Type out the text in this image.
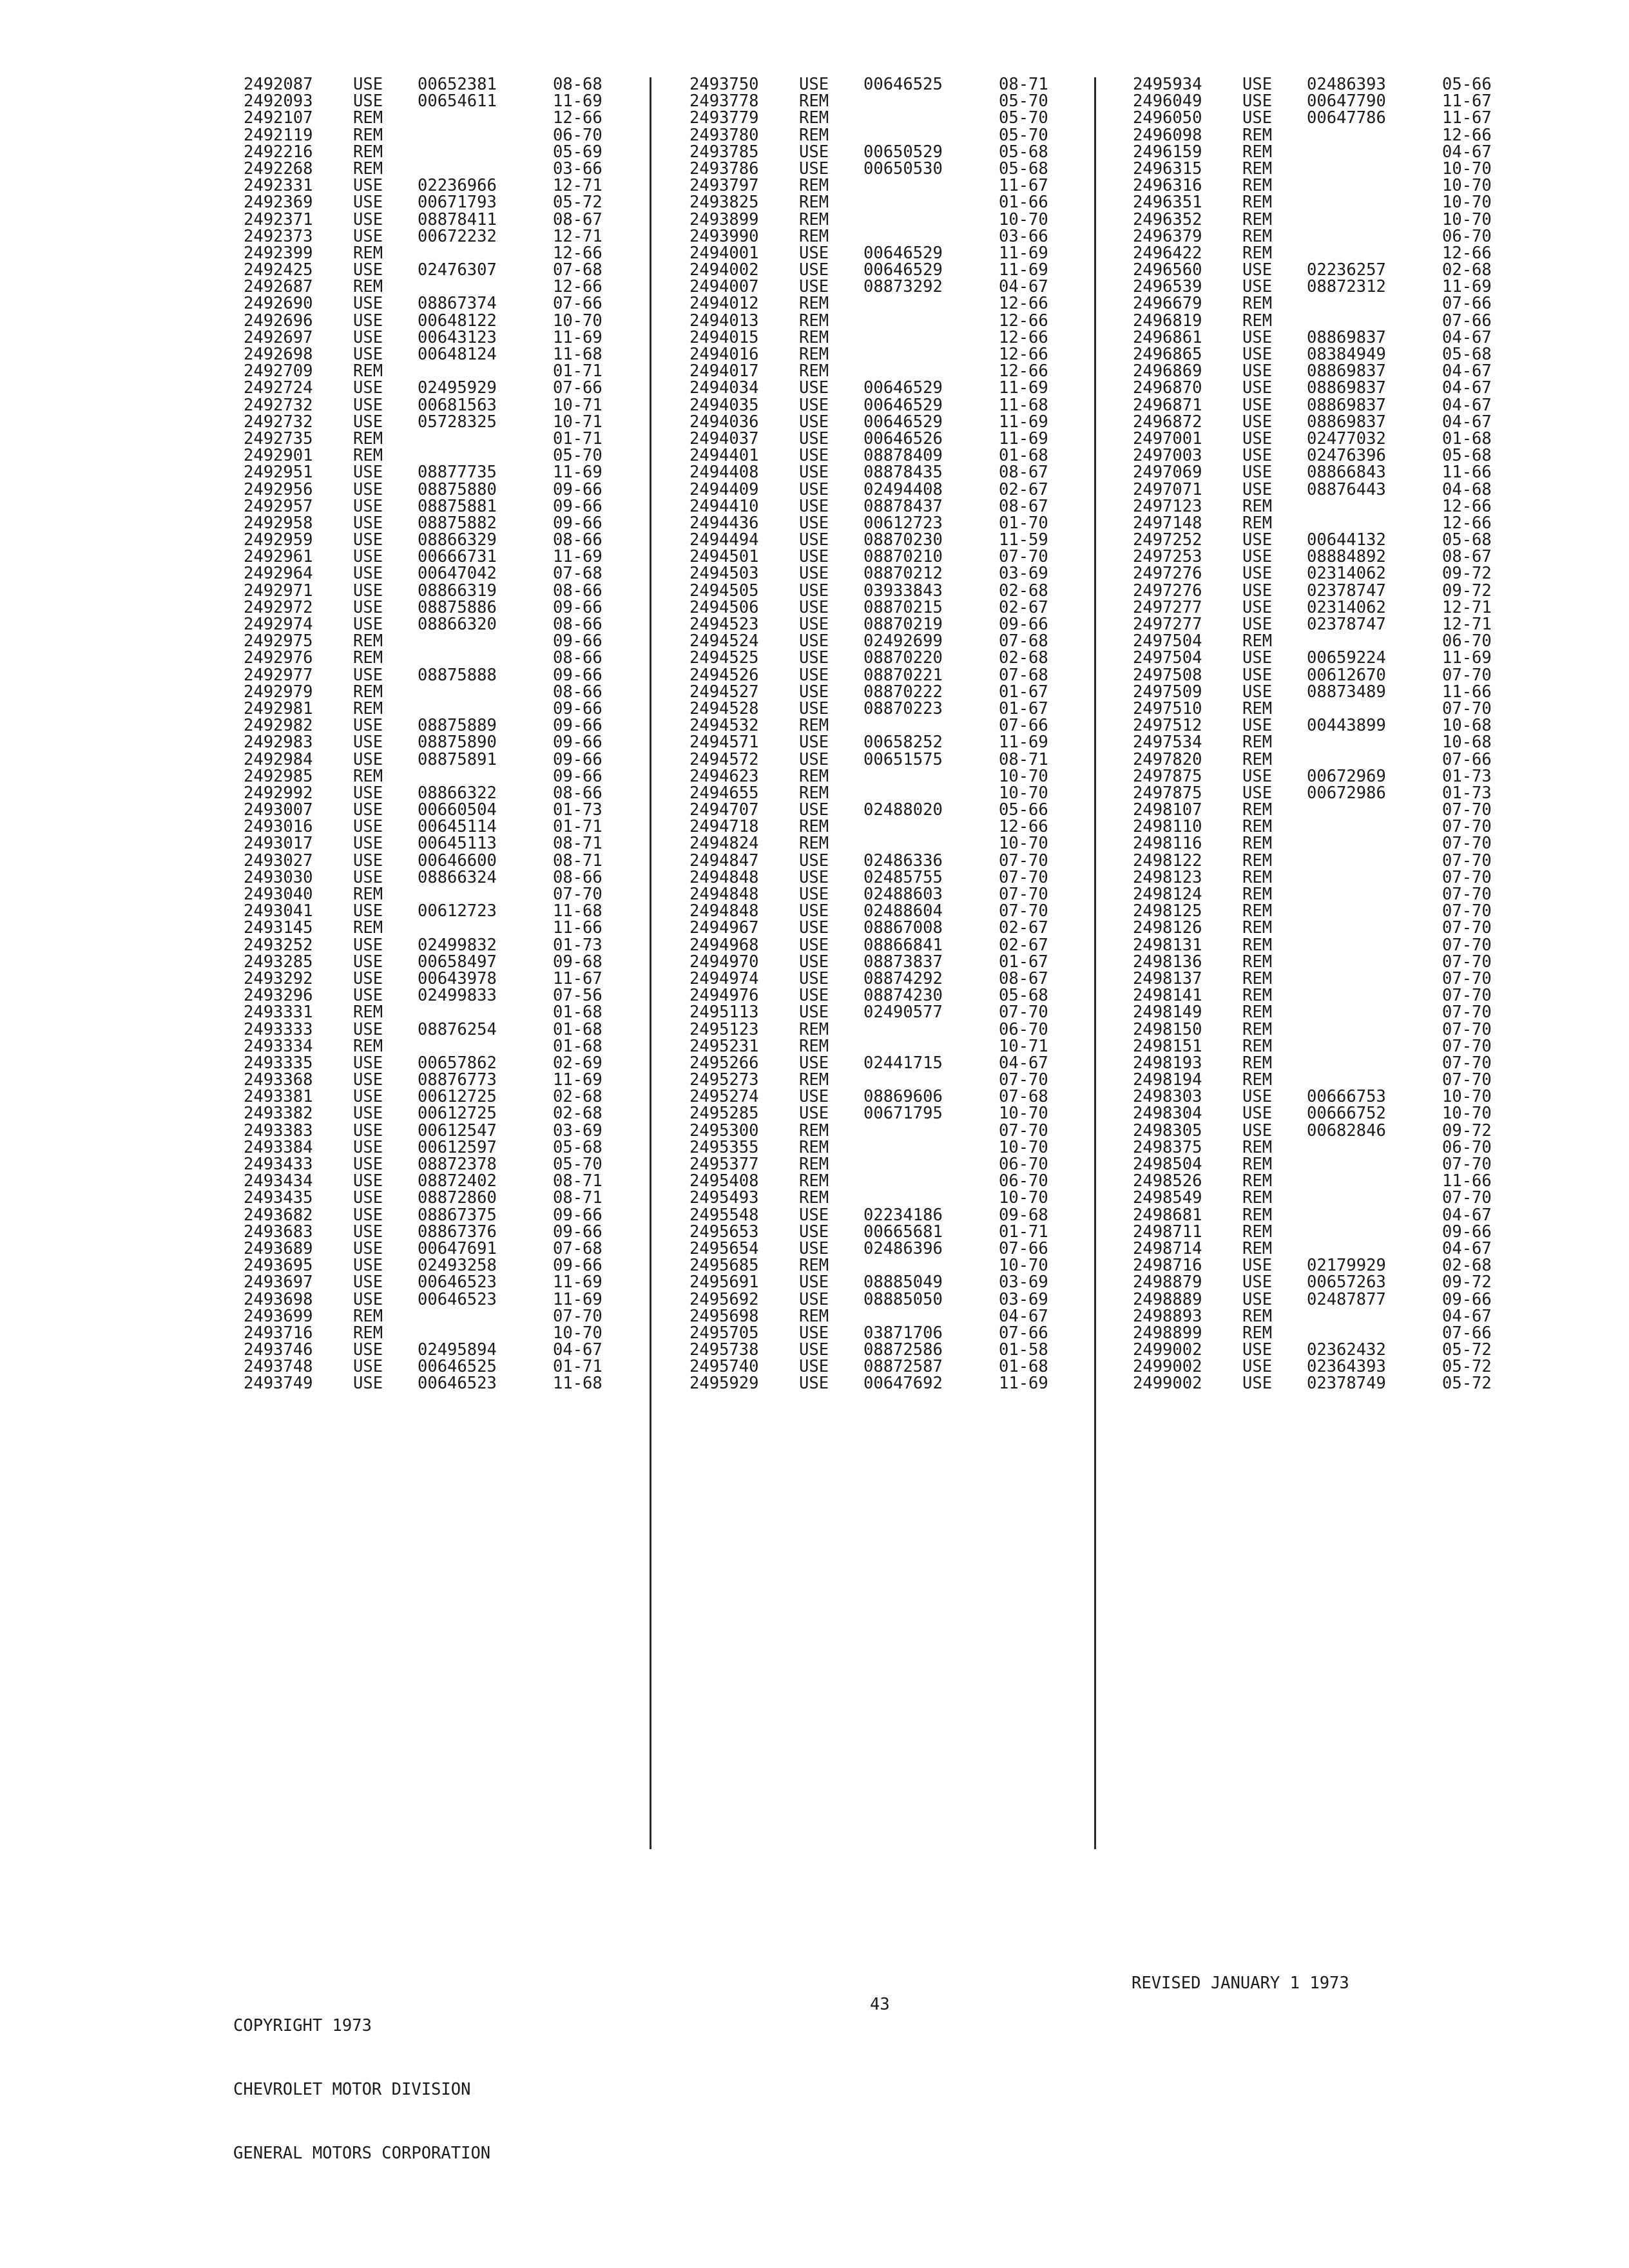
2492087 USE 00652381	08-68
2492093 USE 00654611	11-69
2492107 REM	12-66
2492119 REM	06-70
2492216 REM	05-69
2492268 REM	03-66
2492331 USE 02236966	12-71
2492369 USE 00671793	05-72
2492371 USE 08878411	08-67
2492373 USE 00672232	12-71
2492399 REM	12-66
2492425 USE 02476307	07-68
2492687 REM	12-66
2492690 USE 08867374	07-66
2492696 USE 00648122	10-70
2492697 USE 00643123	11-69
2492698 USE 00648124	11-68
2492709 REM	01-71
2492724 USE 02495929	07-66
2492732 USE 00681563	10-71
2492732 USE 05728325	10-71
2492735 REM	01-71
2492901 REM	05-70
2492951 USE 08877735	11-69
2492956 USE 08875880	09-66
2492957 USE 08875881	09-66
2492958 USE 08875882	09-66
2492959 USE 08866329	08-66
2492961 USE 00666731	11-69
2492964 USE 00647042	07-68
2492971 USE 08866319	08-66
2492972 USE 08875886	09-66
2492974 USE 08866320	08-66
2492975 REM	09-66
2492976 REM	08-66
2492977 USE 08875888	09-66
2492979 REM	08-66
2492981 REM	09-66
2492982 USE 08875889	09-66
2492983 USE 08875890	09-66
2492984 USE 08875891	09-66
2492985 REM	09-66
2492992 USE 08866322	08-66
2493007 USE 00660504	01-73
2493016 USE 00645114	01-71
2493017 USE 00645113	08-71
2493027 USE 00646600	08-71
2493030 USE 08866324	08-66
2493040 REM	07-70
2493041 USE 00612723	11-68
2493145 REM	11-66
2493252 USE 02499832	01-73
2493285 USE 00658497	09-68
2493292 USE 00643978	11-67
2493296 USE 02499833	07-56
2493331 REM	01-68
2493333 USE 08876254	01-68
2493334 REM	01-68
2493335 USE 00657862	02-69
2493368 USE 08876773	11-69
2493381 USE 00612725	02-68
2493382 USE 00612725	02-68
2493383 USE 00612547	03-69
2493384 USE 00612597	05-68
2493433 USE 08872378	05-70
2493434 USE 08872402	08-71
2493435 USE 08872860	08-71
2493682 USE 08867375	09-66
2493683 USE 08867376	09-66
2493689 USE 00647691	07-68
2493695 USE 02493258	09-66
2493697 USE 00646523	11-69
2493698 USE 00646523	11-69
2493699 REM	07-70
2493716 REM	10-70
2493746 USE 02495894	04-67
2493748 USE 00646525	01-71
2493749 USE 00646523	11-68
2493750 USE 00646525	08-71
2493778 REM	05-70
2493779 REM	05-70
2493780 REM	05-70
2493785 USE 00650529	05-68
2493786 USE 00650530	05-68
2493797 REM	11-67
2493825 REM	01-66
2493899 REM	10-70
2493990 REM	03-66
2494001 USE 00646529	11-69
2494002 USE 00646529	11-69
2494007 USE 08873292	04-67
2494012 REM	12-66
2494013 REM	12-66
2494015 REM	12-66
2494016 REM	12-66
2494017 REM	12-66
2494034 USE 00646529	11-69
2494035 USE 00646529	11-68
2494036 USE 00646529	11-69
2494037 USE 00646526	11-69
2494401 USE 08878409	01-68
2494408 USE 08878435	08-67
2494409 USE 02494408	02-67
2494410 USE 08878437	08-67
2494436 USE 00612723	01-70
2494494 USE 08870230	11-59
2494501 USE 08870210	07-70
2494503 USE 08870212	03-69
2494505 USE 03933843	02-68
2494506 USE 08870215	02-67
2494523 USE 08870219	09-66
2494524 USE 02492699	07-68
2494525 USE 08870220	02-68
2494526 USE 08870221	07-68
2494527 USE 08870222	01-67
2494528 USE 08870223	01-67
2494532 REM	07-66
2494571 USE 00658252	11-69
2494572 USE 00651575	08-71
2494623 REM	10-70
2494655 REM	10-70
2494707 USE 02488020	05-66
2494718 REM	12-66
2494824 REM	10-70
2494847 USE 02486336	07-70
2494848 USE 02485755	07-70
2494848 USE 02488603	07-70
2494848 USE 02488604	07-70
2494967 USE 08867008	02-67
2494968 USE 08866841	02-67
2494970 USE 08873837	01-67
2494974 USE 08874292	08-67
2494976 USE 08874230	05-68
2495113 USE 02490577	07-70
2495123 REM	06-70
2495231 REM	10-71
2495266 USE 02441715	04-67
2495273 REM	07-70
2495274 USE 08869606	07-68
2495285 USE 00671795	10-70
2495300 REM	07-70
2495355 REM	10-70
2495377 REM	06-70
2495408 REM	06-70
2495493 REM	10-70
2495548 USE 02234186	09-68
2495653 USE 00665681	01-71
2495654 USE 02486396	07-66
2495685 REM	10-70
2495691 USE 08885049	03-69
2495692 USE 08885050	03-69
2495698 REM	04-67
2495705 USE 03871706	07-66
2495738 USE 08872586	01-58
2495740 USE 08872587	01-68
2495929 USE 00647692	11-69
2495934 USE 02486393	05-66
2496049 USE 00647790	11-67
2496050 USE 00647786	11-67
2496098 REM	12-66
2496159 REM	04-67
2496315 REM	10-70
2496316 REM	10-70
2496351 REM	10-70
2496352 REM	10-70
2496379 REM	06-70
2496422 REM	12-66
2496560 USE 02236257	02-68
2496539 USE 08872312	11-69
2496679 REM	07-66
2496819 REM	07-66
2496861 USE 08869837	04-67
2496865 USE 08384949	05-68
2496869 USE 08869837	04-67
2496870 USE 08869837	04-67
2496871 USE 08869837	04-67
2496872 USE 08869837	04-67
2497001 USE 02477032	01-68
2497003 USE 02476396	05-68
2497069 USE 08866843	11-66
2497071 USE 08876443	04-68
2497123 REM	12-66
2497148 REM	12-66
2497252 USE 00644132	05-68
2497253 USE 08884892	08-67
2497276 USE 02314062	09-72
2497276 USE 02378747	09-72
2497277 USE 02314062	12-71
2497277 USE 02378747	12-71
2497504 REM	06-70
2497504 USE 00659224	11-69
2497508 USE 00612670	07-70
2497509 USE 08873489	11-66
2497510 REM	07-70
2497512 USE 00443899	10-68
2497534 REM	10-68
2497820 REM	07-66
2497875 USE 00672969	01-73
2497875 USE 00672986	01-73
2498107 REM	07-70
2498110 REM	07-70
2498116 REM	07-70
2498122 REM	07-70
2498123 REM	07-70
2498124 REM	07-70
2498125 REM	07-70
2498126 REM	07-70
2498131 REM	07-70
2498136 REM	07-70
2498137 REM	07-70
2498141 REM	07-70
2498149 REM	07-70
2498150 REM	07-70
2498151 REM	07-70
2498193 REM	07-70
2498194 REM	07-70
2498303 USE 00666753	10-70
2498304 USE 00666752	10-70
2498305 USE 00682846	09-72
2498375 REM	06-70
2498504 REM	07-70
2498526 REM	11-66
2498549 REM	07-70
2498681 REM	04-67
2498711 REM	09-66
2498714 REM	04-67
2498716 USE 02179929	02-68
2498879 USE 00657263	09-72
2498889 USE 02487877	09-66
2498893 REM	04-67
2498899 REM	07-66
2499002 USE 02362432	05-72
2499002 USE 02364393	05-72
2499002 USE 02378749	05-72

COPYRIGHT 1973

CHEVROLET MOTOR DIVISION

GENERAL MOTORS CORPORATION

43
REVISED JANUARY 1 1973
